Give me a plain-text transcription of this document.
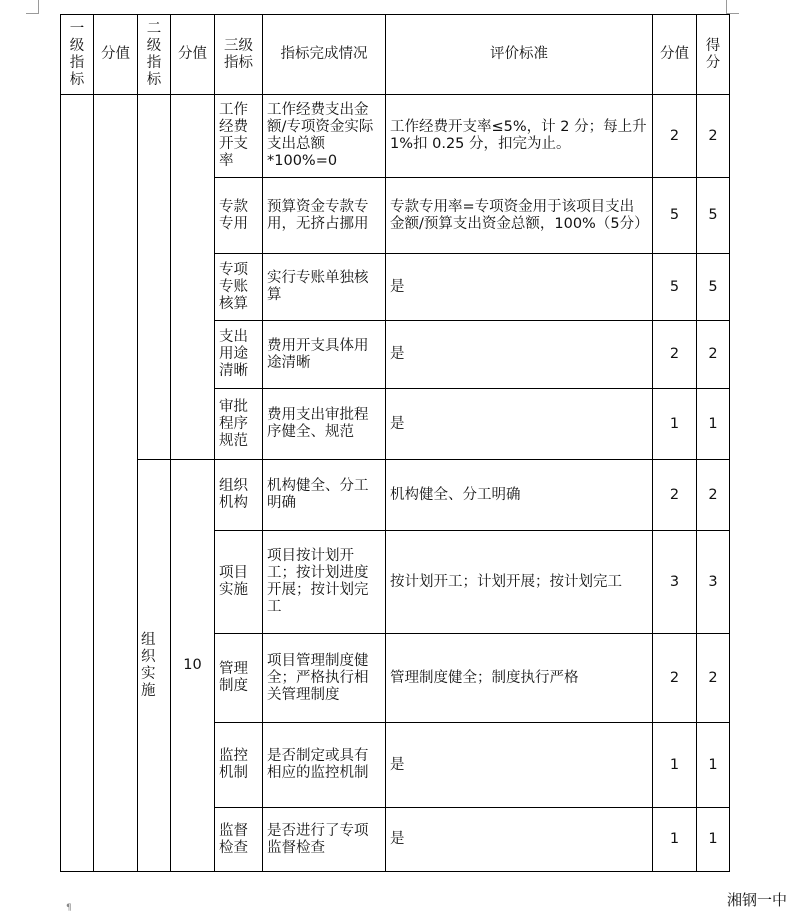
一级指标	分值	二级指标	分值	三级指标	指标完成情况	评价标准	分值	得分
				工作经费开支率	工作经费支出金额/专项资金实际支出总额*100%=0	工作经费开支率≤5%，计 2 分；每上升 1%扣 0.25 分，扣完为止。	2	2
				专款专用	预算资金专款专用，无挤占挪用	专款专用率=专项资金用于该项目支出金额/预算支出资金总额，100%（5分）	5	5
				专项专账核算	实行专账单独核算	是	5	5
				支出用途清晰	费用开支具体用途清晰	是	2	2
				审批程序规范	费用支出审批程序健全、规范	是	1	1
		组织实施	10	组织机构	机构健全、分工明确	机构健全、分工明确	2	2
				项目实施	项目按计划开工；按计划进度开展；按计划完工	按计划开工；计划开展；按计划完工	3	3
				管理制度	项目管理制度健全；严格执行相关管理制度	管理制度健全；制度执行严格	2	2
				监控机制	是否制定或具有相应的监控机制	是	1	1
				监督检查	是否进行了专项监督检查	是	1	1
湘钢一中
¶
